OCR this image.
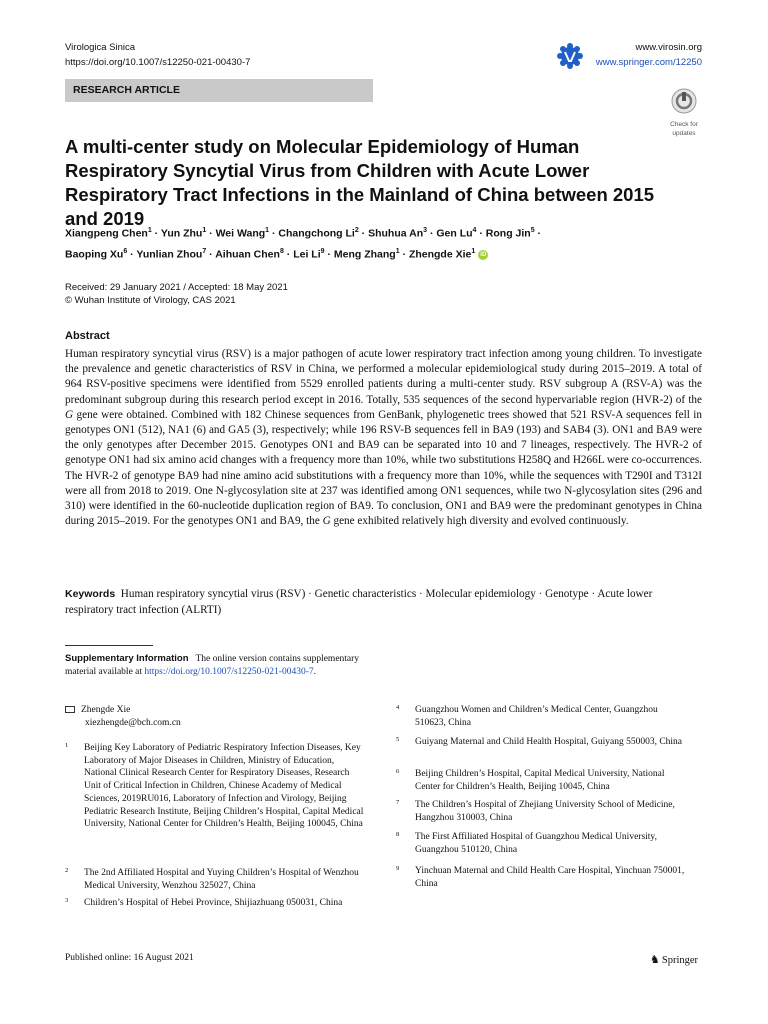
Virologica Sinica
https://doi.org/10.1007/s12250-021-00430-7
www.virosin.org
www.springer.com/12250
RESEARCH ARTICLE
Check for
updates
A multi-center study on Molecular Epidemiology of Human Respiratory Syncytial Virus from Children with Acute Lower Respiratory Tract Infections in the Mainland of China between 2015 and 2019
Xiangpeng Chen$^1$ · Yun Zhu$^1$ · Wei Wang$^1$ · Changchong $Li^2$ · Shuhua $An^3$ · Gen $Lu^4$ · Rong Jin$^5$ ·
Baoping $Xu^6$ · Yunlian Zhou$^7$ · Aihuan Chen$^8$ · Lei $Li^9$ · Meng Zhang$^1$ · Zhengde Xie$^1$ iD
Received: 29 January 2021 / Accepted: 18 May 2021
© Wuhan Institute of Virology, CAS 2021
Abstract

Human respiratory syncytial virus (RSV) is a major pathogen of acute lower respiratory tract infection among young children. To investigate the prevalence and genetic characteristics of RSV in China, we performed a molecular epidemiological study during 2015–2019. A total of 964 RSV-positive specimens were identified from 5529 enrolled patients during a multi-center study. RSV subgroup A (RSV-A) was the predominant subgroup during this research period except in 2016. Totally, 535 sequences of the second hypervariable region (HVR-2) of the G gene were obtained. Combined with 182 Chinese sequences from GenBank, phylogenetic trees showed that 521 RSV-A sequences fell in genotypes ON1 (512), NA1 (6) and GA5 (3), respectively; while 196 RSV-B sequences fell in BA9 (193) and SAB4 (3). ON1 and BA9 were the only genotypes after December 2015. Genotypes ON1 and BA9 can be separated into 10 and 7 lineages, respectively. The HVR-2 of genotype ON1 had six amino acid changes with a frequency more than 10%, while two substitutions H258Q and H266L were co-occurrences. The HVR-2 of genotype BA9 had nine amino acid substitutions with a frequency more than 10%, while the sequences with T290I and T312I were all from 2018 to 2019. One N-glycosylation site at 237 was identified among ON1 sequences, while two N-glycosylation sites (296 and 310) were identified in the 60-nucleotide duplication region of BA9. To conclusion, ON1 and BA9 were the predominant genotypes in China during 2015–2019. For the genotypes ON1 and BA9, the G gene exhibited relatively high diversity and evolved continuously.

Keywords Human respiratory syncytial virus (RSV) · Genetic characteristics · Molecular epidemiology · Genotype · Acute lower respiratory tract infection (ALRTI)
Supplementary Information The online version contains supplementary material available at https://doi.org/10.1007/s12250-021-00430-7.
Zhengde Xie
xiezhengde@bch.com.cn
1 Beijing Key Laboratory of Pediatric Respiratory Infection Diseases, Key Laboratory of Major Diseases in Children, Ministry of Education, National Clinical Research Center for Respiratory Diseases, Research Unit of Critical Infection in Children, Chinese Academy of Medical Sciences, 2019RU016, Laboratory of Infection and Virology, Beijing Pediatric Research Institute, Beijing Children’s Hospital, Capital Medical University, National Center for Children’s Health, Beijing 100045, China
2 The 2nd Affiliated Hospital and Yuying Children’s Hospital of Wenzhou Medical University, Wenzhou 325027, China
3 Children’s Hospital of Hebei Province, Shijiazhuang 050031, China
4 Guangzhou Women and Children’s Medical Center, Guangzhou 510623, China
5 Guiyang Maternal and Child Health Hospital, Guiyang 550003, China
6 Beijing Children’s Hospital, Capital Medical University, National Center for Children’s Health, Beijing 10045, China
7 The Children’s Hospital of Zhejiang University School of Medicine, Hangzhou 310003, China
8 The First Affiliated Hospital of Guangzhou Medical University, Guangzhou 510120, China
9 Yinchuan Maternal and Child Health Care Hospital, Yinchuan 750001, China
Published online: 16 August 2021	♞ Springer
